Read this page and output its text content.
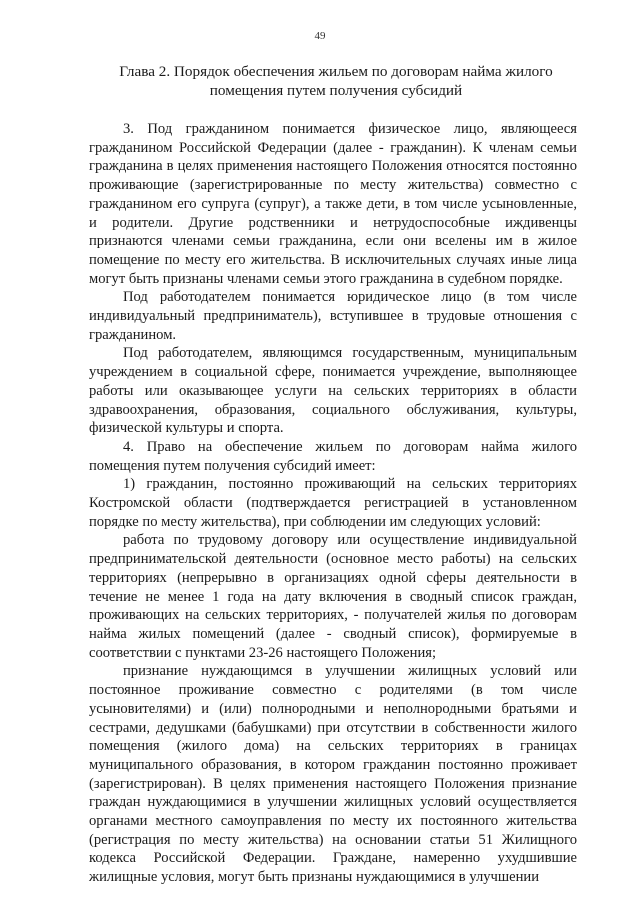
49
Глава 2. Порядок обеспечения жильем по договорам найма жилого помещения путем получения субсидий

3. Под гражданином понимается физическое лицо, являющееся гражданином Российской Федерации (далее - гражданин). К членам семьи гражданина в целях применения настоящего Положения относятся постоянно проживающие (зарегистрированные по месту жительства) совместно с гражданином его супруга (супруг), а также дети, в том числе усыновленные, и родители. Другие родственники и нетрудоспособные иждивенцы признаются членами семьи гражданина, если они вселены им в жилое помещение по месту его жительства. В исключительных случаях иные лица могут быть признаны членами семьи этого гражданина в судебном порядке.

Под работодателем понимается юридическое лицо (в том числе индивидуальный предприниматель), вступившее в трудовые отношения с гражданином.

Под работодателем, являющимся государственным, муниципальным учреждением в социальной сфере, понимается учреждение, выполняющее работы или оказывающее услуги на сельских территориях в области здравоохранения, образования, социального обслуживания, культуры, физической культуры и спорта.

4. Право на обеспечение жильем по договорам найма жилого помещения путем получения субсидий имеет:

1) гражданин, постоянно проживающий на сельских территориях Костромской области (подтверждается регистрацией в установленном порядке по месту жительства), при соблюдении им следующих условий:

работа по трудовому договору или осуществление индивидуальной предпринимательской деятельности (основное место работы) на сельских территориях (непрерывно в организациях одной сферы деятельности в течение не менее 1 года на дату включения в сводный список граждан, проживающих на сельских территориях, - получателей жилья по договорам найма жилых помещений (далее - сводный список), формируемые в соответствии с пунктами 23-26 настоящего Положения;

признание нуждающимся в улучшении жилищных условий или постоянное проживание совместно с родителями (в том числе усыновителями) и (или) полнородными и неполнородными братьями и сестрами, дедушками (бабушками) при отсутствии в собственности жилого помещения (жилого дома) на сельских территориях в границах муниципального образования, в котором гражданин постоянно проживает (зарегистрирован). В целях применения настоящего Положения признание граждан нуждающимися в улучшении жилищных условий осуществляется органами местного самоуправления по месту их постоянного жительства (регистрация по месту жительства) на основании статьи 51 Жилищного кодекса Российской Федерации. Граждане, намеренно ухудшившие жилищные условия, могут быть признаны нуждающимися в улучшении
